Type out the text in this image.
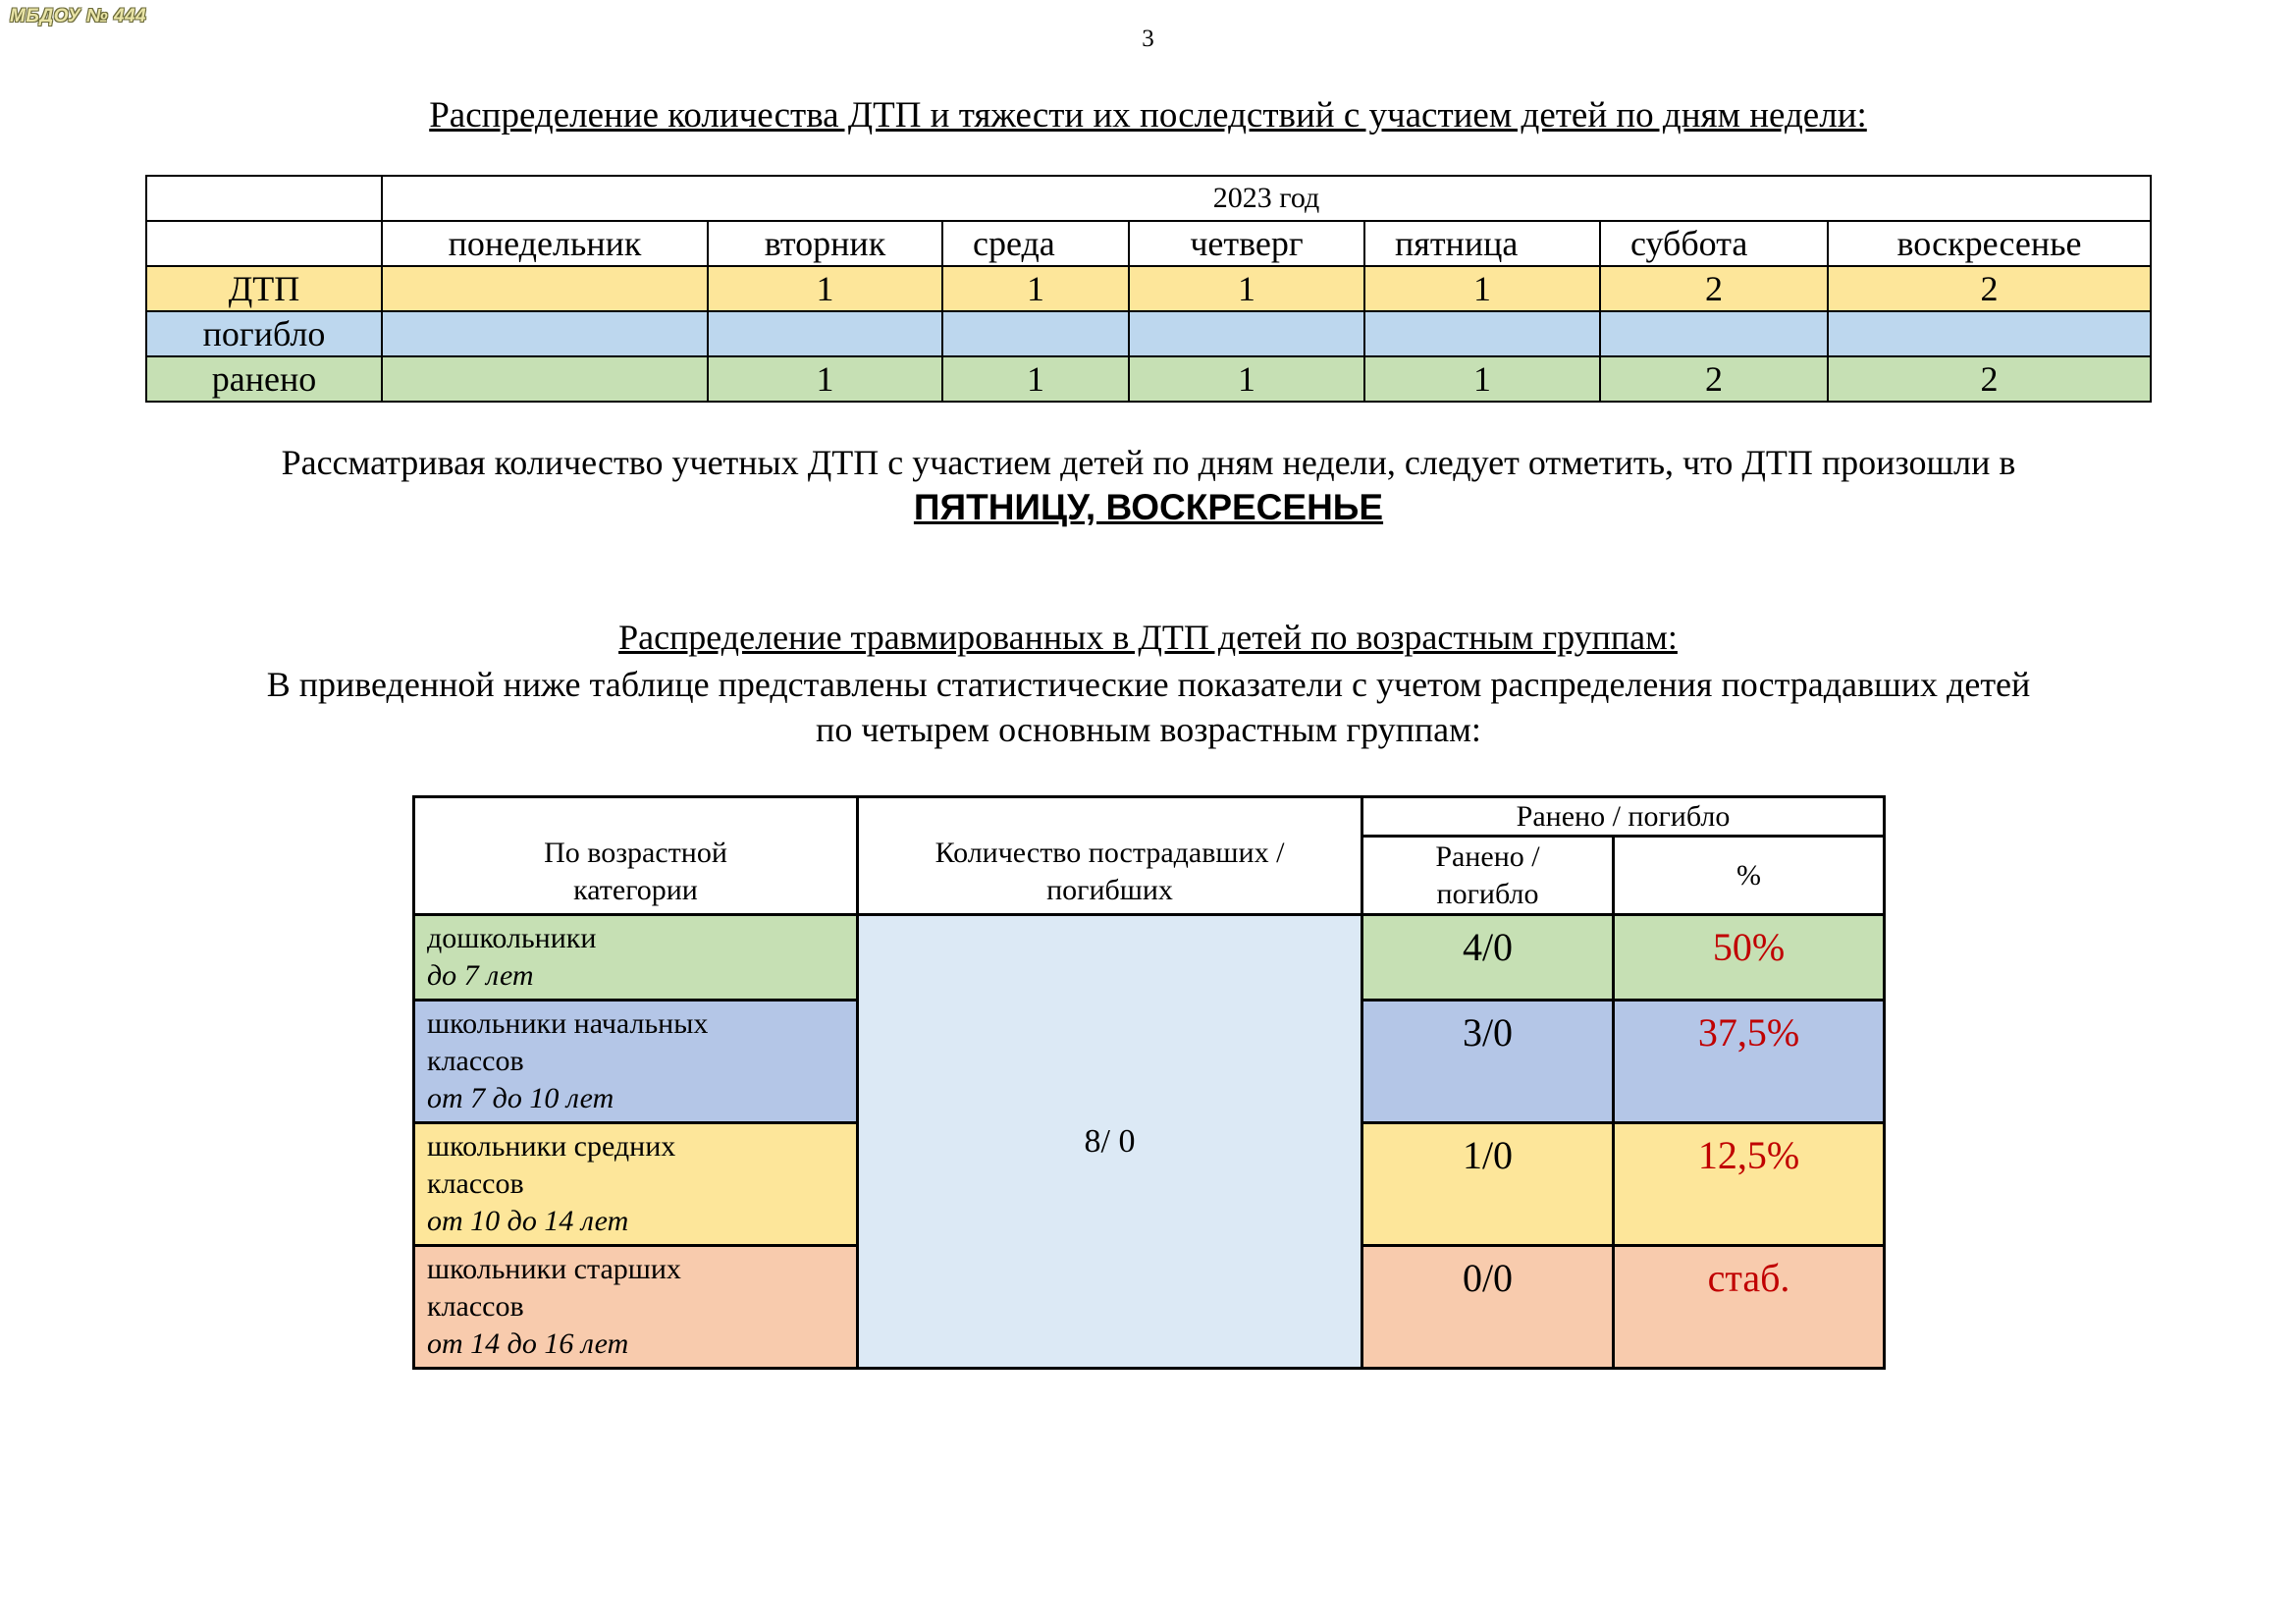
МБДОУ № 444
3
Распределение количества ДТП и тяжести их последствий с участием детей по дням недели:
	2023 год						
	понедельник	вторник	среда	четверг	пятница	суббота	воскресенье
ДТП		1	1	1	1	2	2
погибло							
ранено		1	1	1	1	2	2
Рассматривая количество учетных ДТП с участием детей по дням недели, следует отметить, что ДТП произошли в
ПЯТНИЦУ, ВОСКРЕСЕНЬЕ
Распределение травмированных в ДТП детей по возрастным группам:
В приведенной ниже таблице представлены статистические показатели с учетом распределения пострадавших детей
по четырем основным возрастным группам:
По возрастной
категории	Количество пострадавших /
погибших	Ранено / погибло	
		Ранено /
погибло	%
дошкольники
до 7 лет	8/ 0	4/0	50%
школьники начальных
классов
от 7 до 10 лет		3/0	37,5%
школьники средних
классов
от 10 до 14 лет		1/0	12,5%
школьники старших
классов
от 14 до 16 лет		0/0	стаб.
